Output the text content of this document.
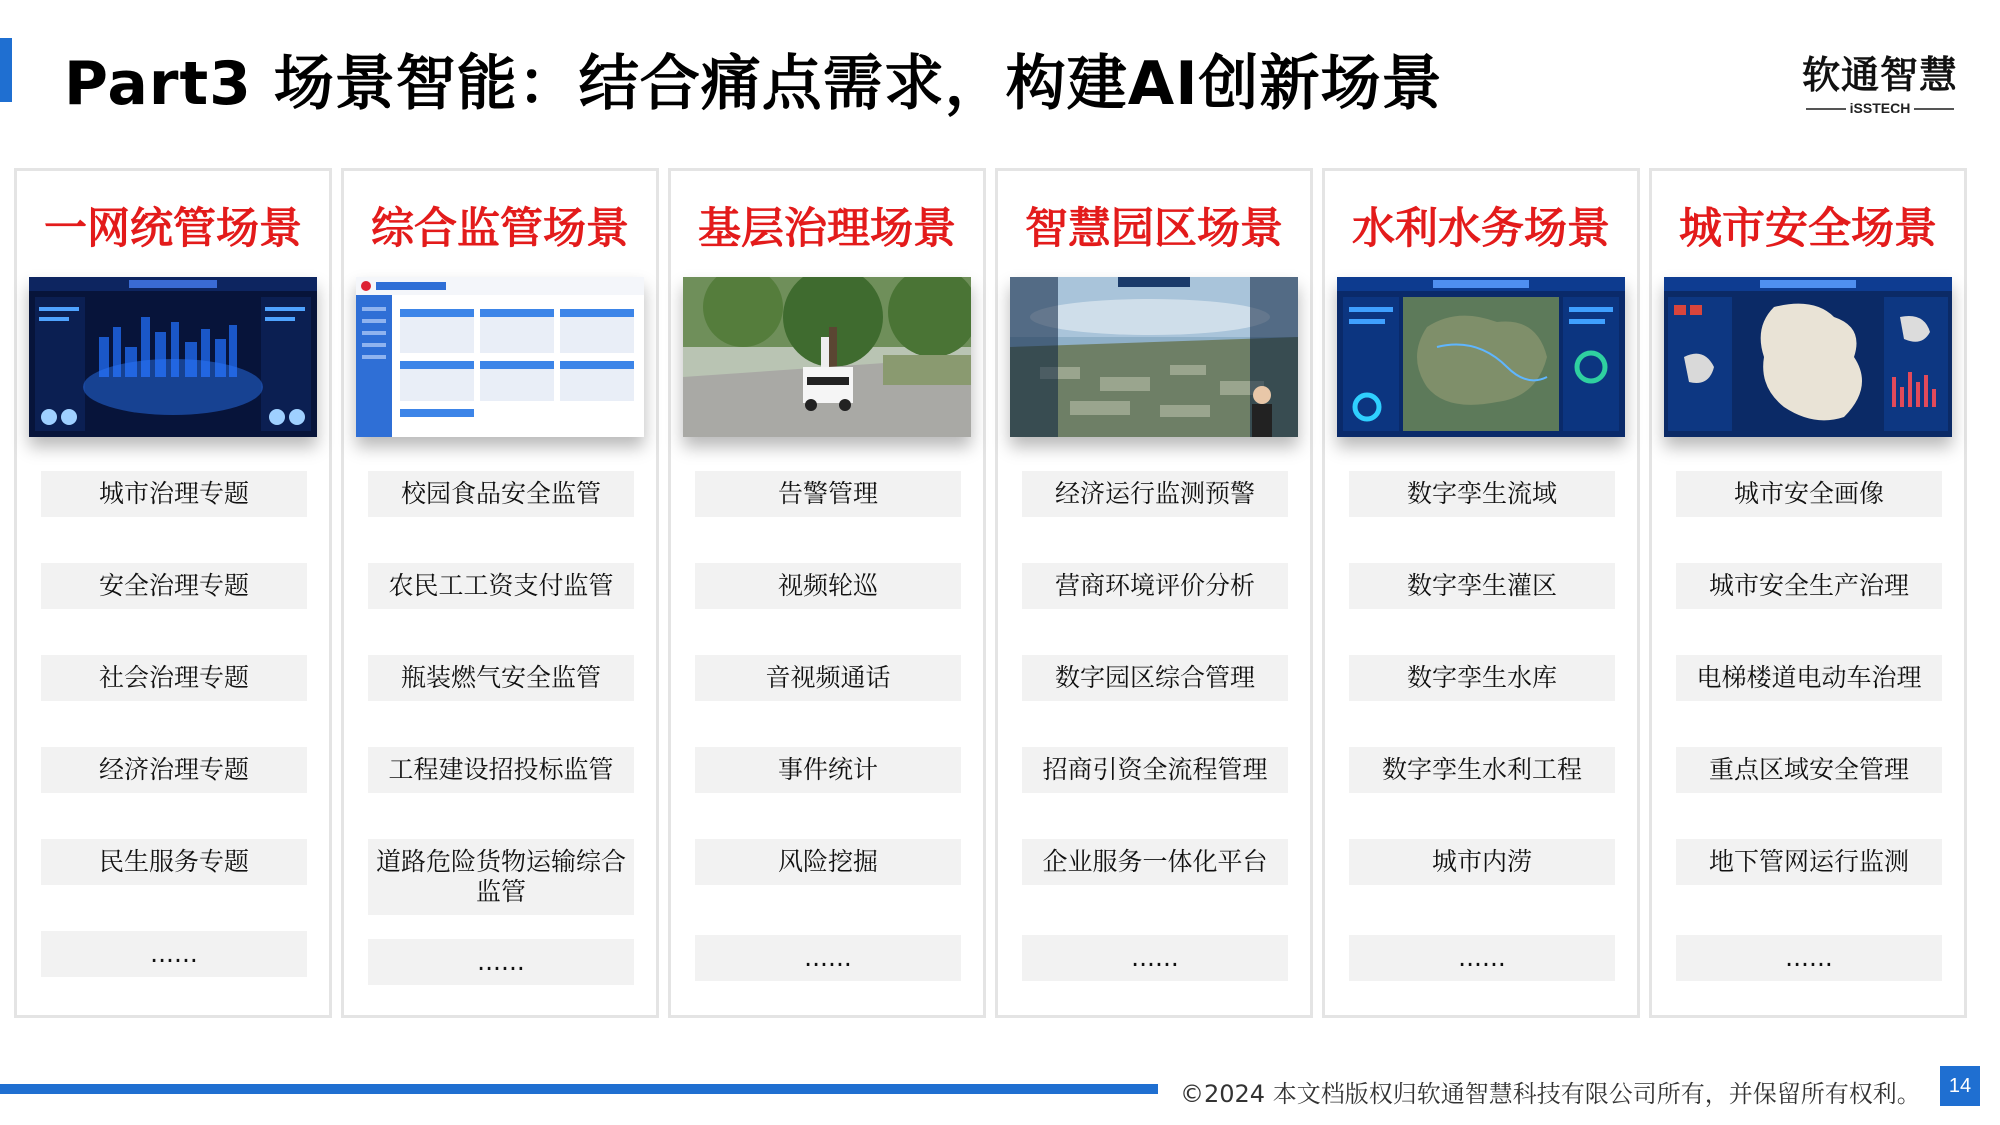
Part3 场景智能：结合痛点需求，构建AI创新场景	软通智慧
iSSTECH
一网统管场景
城市治理专题
安全治理专题
社会治理专题
经济治理专题
民生服务专题
......
综合监管场景
校园食品安全监管
农民工工资支付监管
瓶装燃气安全监管
工程建设招投标监管
道路危险货物运输综合监管
......
基层治理场景
告警管理
视频轮巡
音视频通话
事件统计
风险挖掘
......
智慧园区场景
经济运行监测预警
营商环境评价分析
数字园区综合管理
招商引资全流程管理
企业服务一体化平台
......
水利水务场景
数字孪生流域
数字孪生灌区
数字孪生水库
数字孪生水利工程
城市内涝
......
城市安全场景
城市安全画像
城市安全生产治理
电梯楼道电动车治理
重点区域安全管理
地下管网运行监测
......
©2024 本文档版权归软通智慧科技有限公司所有，并保留所有权利。	14
